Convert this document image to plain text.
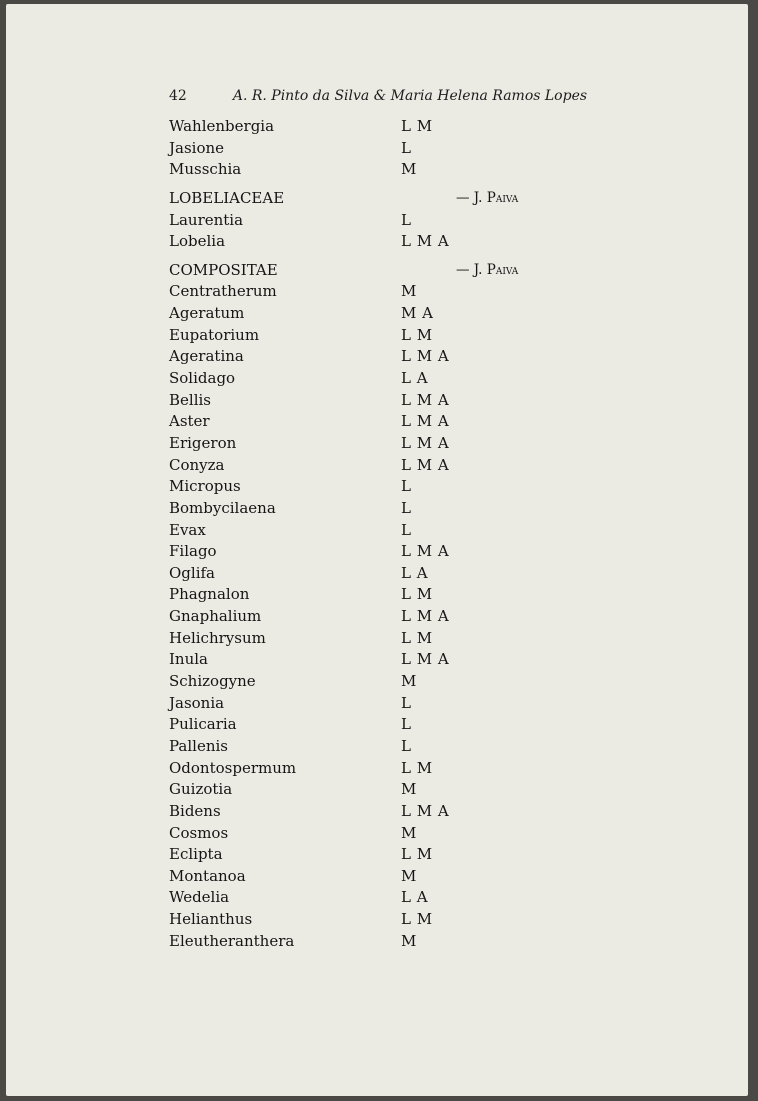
42	A. R. Pinto da Silva & Maria Helena Ramos Lopes
Wahlenbergia	L M
Jasione	L
Musschia	M
LOBELIACEAE	— J. Paiva
Laurentia	L
Lobelia	L M A
COMPOSITAE	— J. Paiva
Centratherum	M
Ageratum	M A
Eupatorium	L M
Ageratina	L M A
Solidago	L A
Bellis	L M A
Aster	L M A
Erigeron	L M A
Conyza	L M A
Micropus	L
Bombycilaena	L
Evax	L
Filago	L M A
Oglifa	L A
Phagnalon	L M
Gnaphalium	L M A
Helichrysum	L M
Inula	L M A
Schizogyne	M
Jasonia	L
Pulicaria	L
Pallenis	L
Odontospermum	L M
Guizotia	M
Bidens	L M A
Cosmos	M
Eclipta	L M
Montanoa	M
Wedelia	L A
Helianthus	L M
Eleutheranthera	M
